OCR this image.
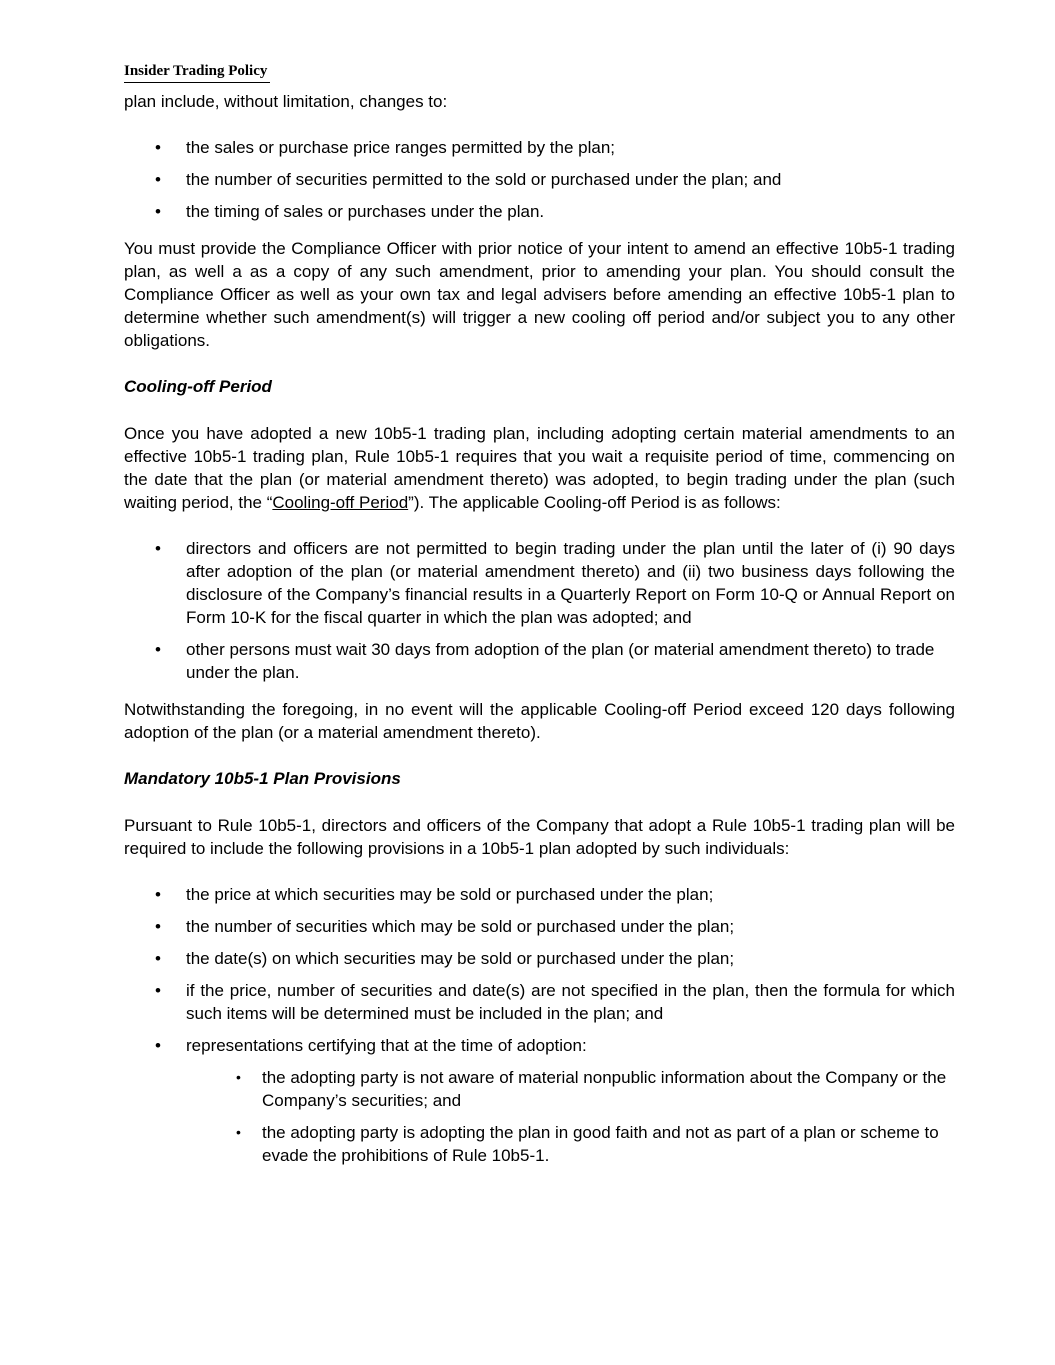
Insider Trading Policy

plan include, without limitation, changes to:

• the sales or purchase price ranges permitted by the plan;
• the number of securities permitted to the sold or purchased under the plan; and
• the timing of sales or purchases under the plan.

You must provide the Compliance Officer with prior notice of your intent to amend an effective 10b5-1 trading plan, as well a as a copy of any such amendment, prior to amending your plan. You should consult the Compliance Officer as well as your own tax and legal advisers before amending an effective 10b5-1 plan to determine whether such amendment(s) will trigger a new cooling off period and/or subject you to any other obligations.

Cooling-off Period

Once you have adopted a new 10b5-1 trading plan, including adopting certain material amendments to an effective 10b5-1 trading plan, Rule 10b5-1 requires that you wait a requisite period of time, commencing on the date that the plan (or material amendment thereto) was adopted, to begin trading under the plan (such waiting period, the “Cooling-off Period”). The applicable Cooling-off Period is as follows:

• directors and officers are not permitted to begin trading under the plan until the later of (i) 90 days after adoption of the plan (or material amendment thereto) and (ii) two business days following the disclosure of the Company’s financial results in a Quarterly Report on Form 10-Q or Annual Report on Form 10-K for the fiscal quarter in which the plan was adopted; and
• other persons must wait 30 days from adoption of the plan (or material amendment thereto) to trade under the plan.

Notwithstanding the foregoing, in no event will the applicable Cooling-off Period exceed 120 days following adoption of the plan (or a material amendment thereto).

Mandatory 10b5-1 Plan Provisions

Pursuant to Rule 10b5-1, directors and officers of the Company that adopt a Rule 10b5-1 trading plan will be required to include the following provisions in a 10b5-1 plan adopted by such individuals:

• the price at which securities may be sold or purchased under the plan;
• the number of securities which may be sold or purchased under the plan;
• the date(s) on which securities may be sold or purchased under the plan;
• if the price, number of securities and date(s) are not specified in the plan, then the formula for which such items will be determined must be included in the plan; and
• representations certifying that at the time of adoption:
• the adopting party is not aware of material nonpublic information about the Company or the Company’s securities; and
• the adopting party is adopting the plan in good faith and not as part of a plan or scheme to evade the prohibitions of Rule 10b5-1.
